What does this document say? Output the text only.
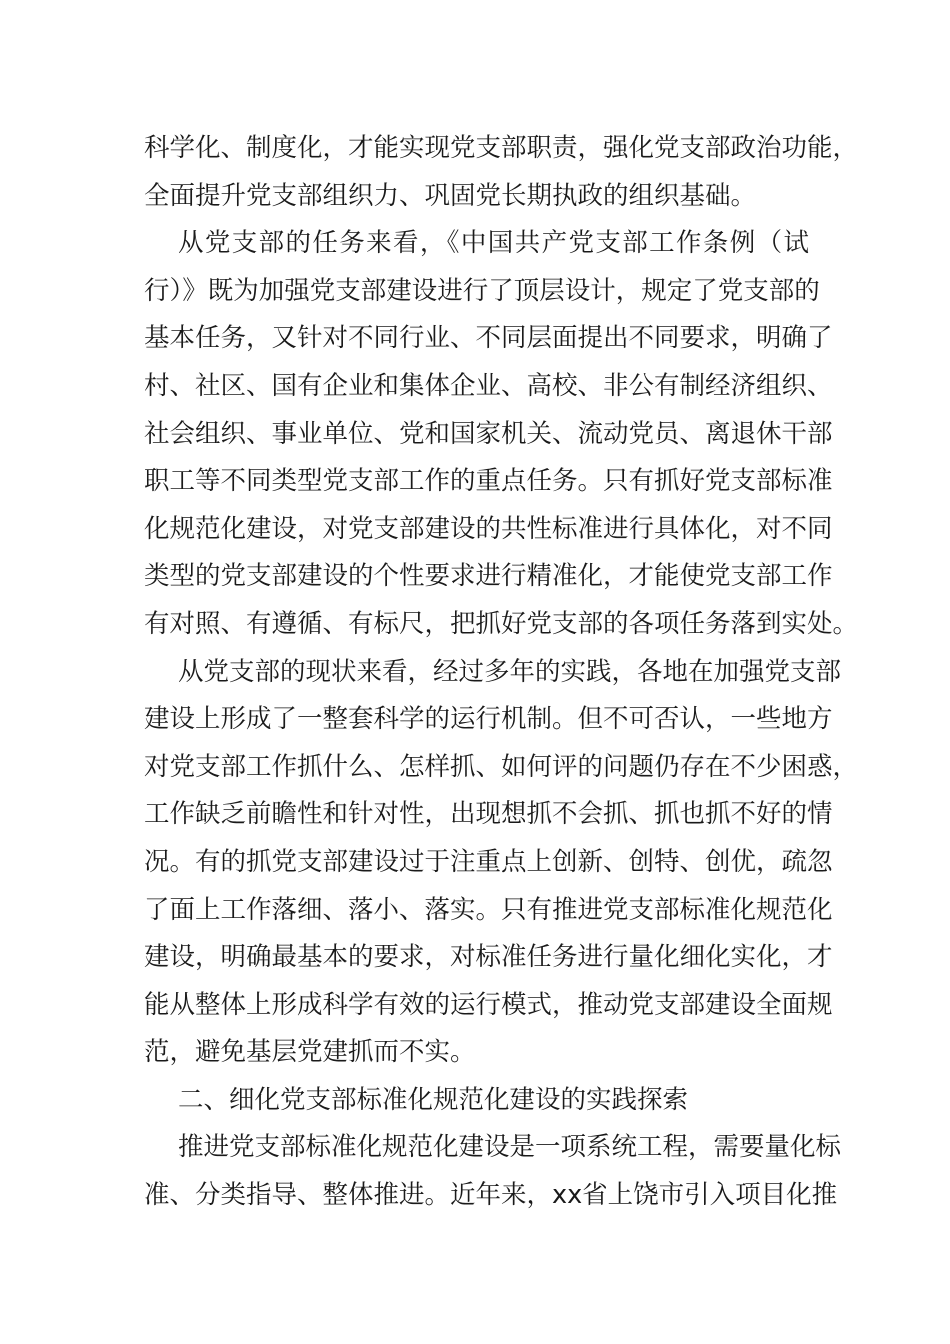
科学化、制度化，才能实现党支部职责，强化党支部政治功能，
全面提升党支部组织力、巩固党长期执政的组织基础。
从党支部的任务来看，《中国共产党支部工作条例（试
行）》既为加强党支部建设进行了顶层设计，规定了党支部的
基本任务，又针对不同行业、不同层面提出不同要求，明确了
村、社区、国有企业和集体企业、高校、非公有制经济组织、
社会组织、事业单位、党和国家机关、流动党员、离退休干部
职工等不同类型党支部工作的重点任务。只有抓好党支部标准
化规范化建设，对党支部建设的共性标准进行具体化，对不同
类型的党支部建设的个性要求进行精准化，才能使党支部工作
有对照、有遵循、有标尺，把抓好党支部的各项任务落到实处。
从党支部的现状来看，经过多年的实践，各地在加强党支部
建设上形成了一整套科学的运行机制。但不可否认，一些地方
对党支部工作抓什么、怎样抓、如何评的问题仍存在不少困惑，
工作缺乏前瞻性和针对性，出现想抓不会抓、抓也抓不好的情
况。有的抓党支部建设过于注重点上创新、创特、创优，疏忽
了面上工作落细、落小、落实。只有推进党支部标准化规范化
建设，明确最基本的要求，对标准任务进行量化细化实化，才
能从整体上形成科学有效的运行模式，推动党支部建设全面规
范，避免基层党建抓而不实。
二、细化党支部标准化规范化建设的实践探索
推进党支部标准化规范化建设是一项系统工程，需要量化标
准、分类指导、整体推进。近年来，xx省上饶市引入项目化推
